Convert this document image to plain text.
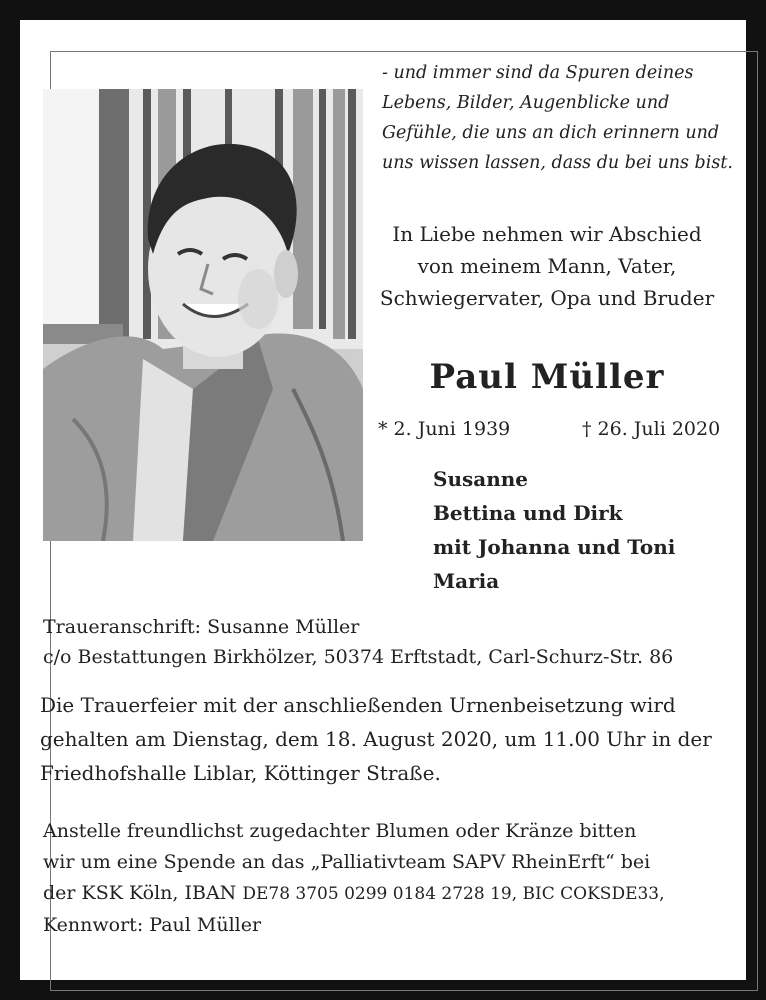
- und immer sind da Spuren deines
Lebens, Bilder, Augenblicke und
Gefühle, die uns an dich erinnern und
uns wissen lassen, dass du bei uns bist.
In Liebe nehmen wir Abschied
von meinem Mann, Vater,
Schwiegervater, Opa und Bruder
Paul Müller
* 2. Juni 1939	† 26. Juli 2020
Susanne
Bettina und Dirk
mit Johanna und Toni
Maria
Traueranschrift: Susanne Müller
c/o Bestattungen Birkhölzer, 50374 Erftstadt, Carl-Schurz-Str. 86
Die Trauerfeier mit der anschließenden Urnenbeisetzung wird
gehalten am Dienstag, dem 18. August 2020, um 11.00 Uhr in der
Friedhofshalle Liblar, Köttinger Straße.
Anstelle freundlichst zugedachter Blumen oder Kränze bitten
wir um eine Spende an das „Palliativteam SAPV RheinErft“ bei
der KSK Köln, IBAN DE78 3705 0299 0184 2728 19, BIC COKSDE33,
Kennwort: Paul Müller
